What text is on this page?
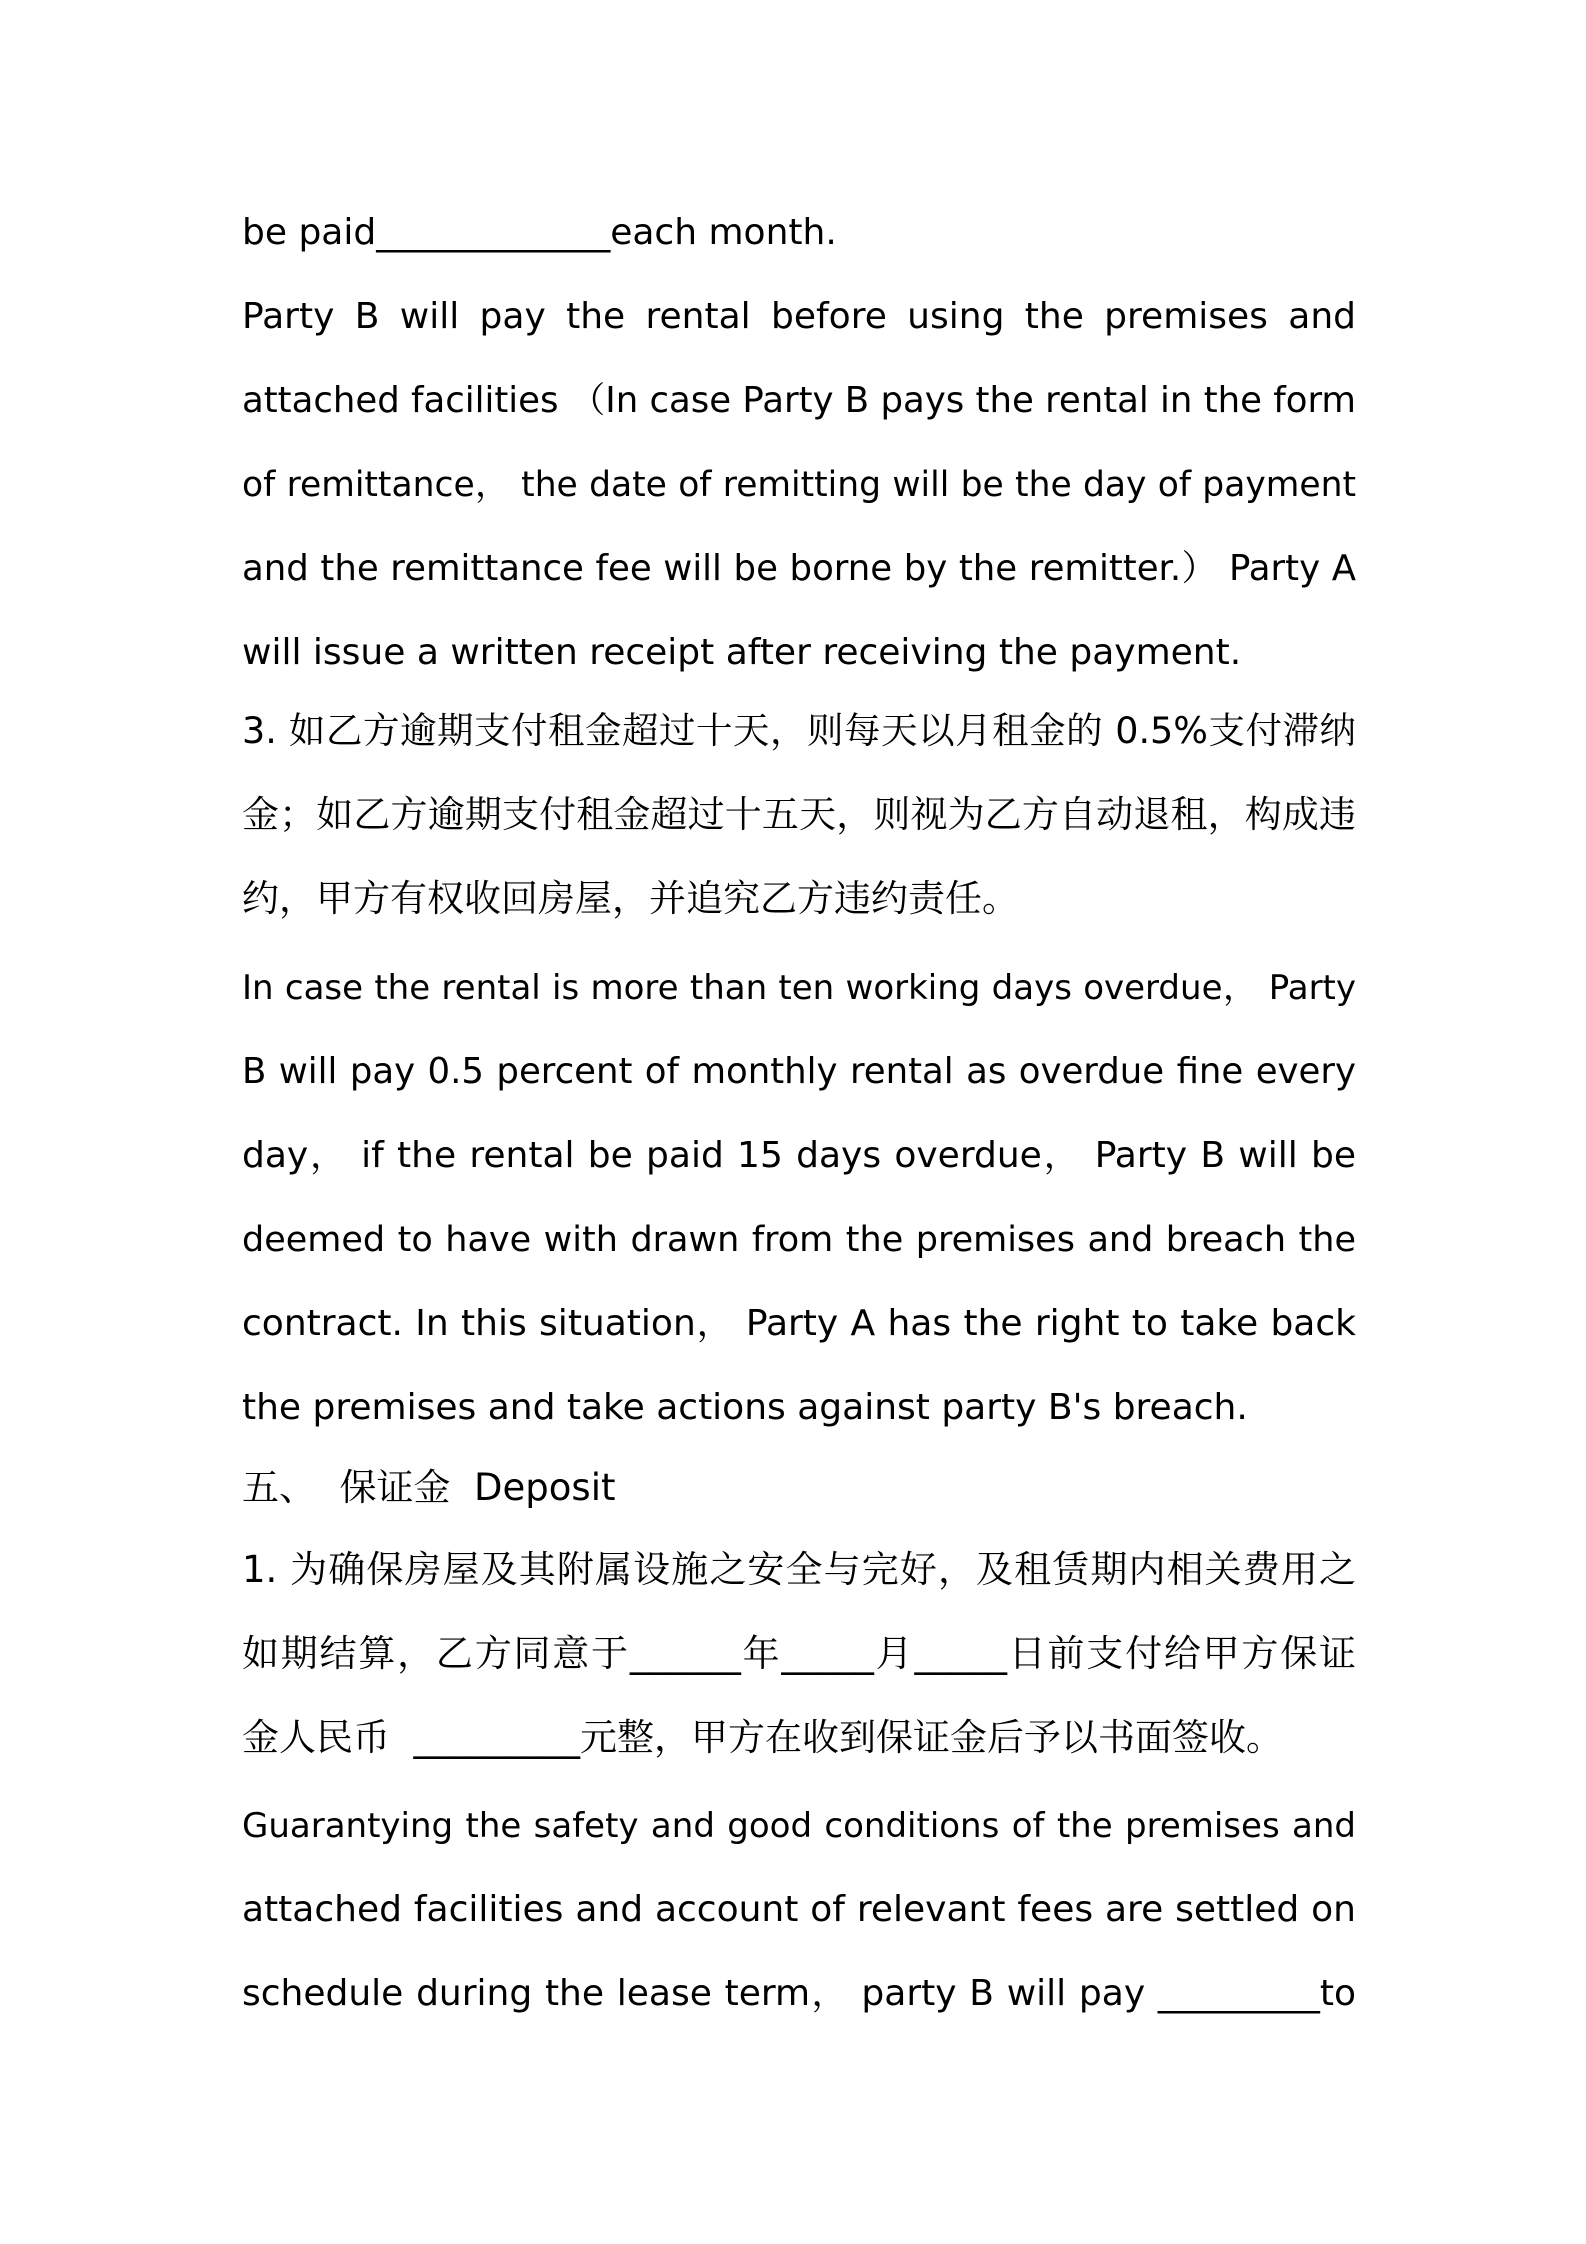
be paid_____________each month.
Party B will pay the rental before using the premises and
attached facilities （In case Party B pays the rental in the form
of remittance， the date of remitting will be the day of payment
and the remittance fee will be borne by the remitter.） Party A
will issue a written receipt after receiving the payment.
3. 如乙方逾期支付租金超过十天，则每天以月租金的 0.5%支付滞纳
金；如乙方逾期支付租金超过十五天，则视为乙方自动退租，构成违
约，甲方有权收回房屋，并追究乙方违约责任。
In case the rental is more than ten working days overdue， Party
B will pay 0.5 percent of monthly rental as overdue fine every
day， if the rental be paid 15 days overdue， Party B will be
deemed to have with drawn from the premises and breach the
contract. In this situation， Party A has the right to take back
the premises and take actions against party B's breach.
五、  保证金  Deposit
1. 为确保房屋及其附属设施之安全与完好，及租赁期内相关费用之
如期结算，乙方同意于______年_____月_____日前支付给甲方保证
金人民币  _________元整，甲方在收到保证金后予以书面签收。
Guarantying the safety and good conditions of the premises and
attached facilities and account of relevant fees are settled on
schedule during the lease term， party B will pay _________to
